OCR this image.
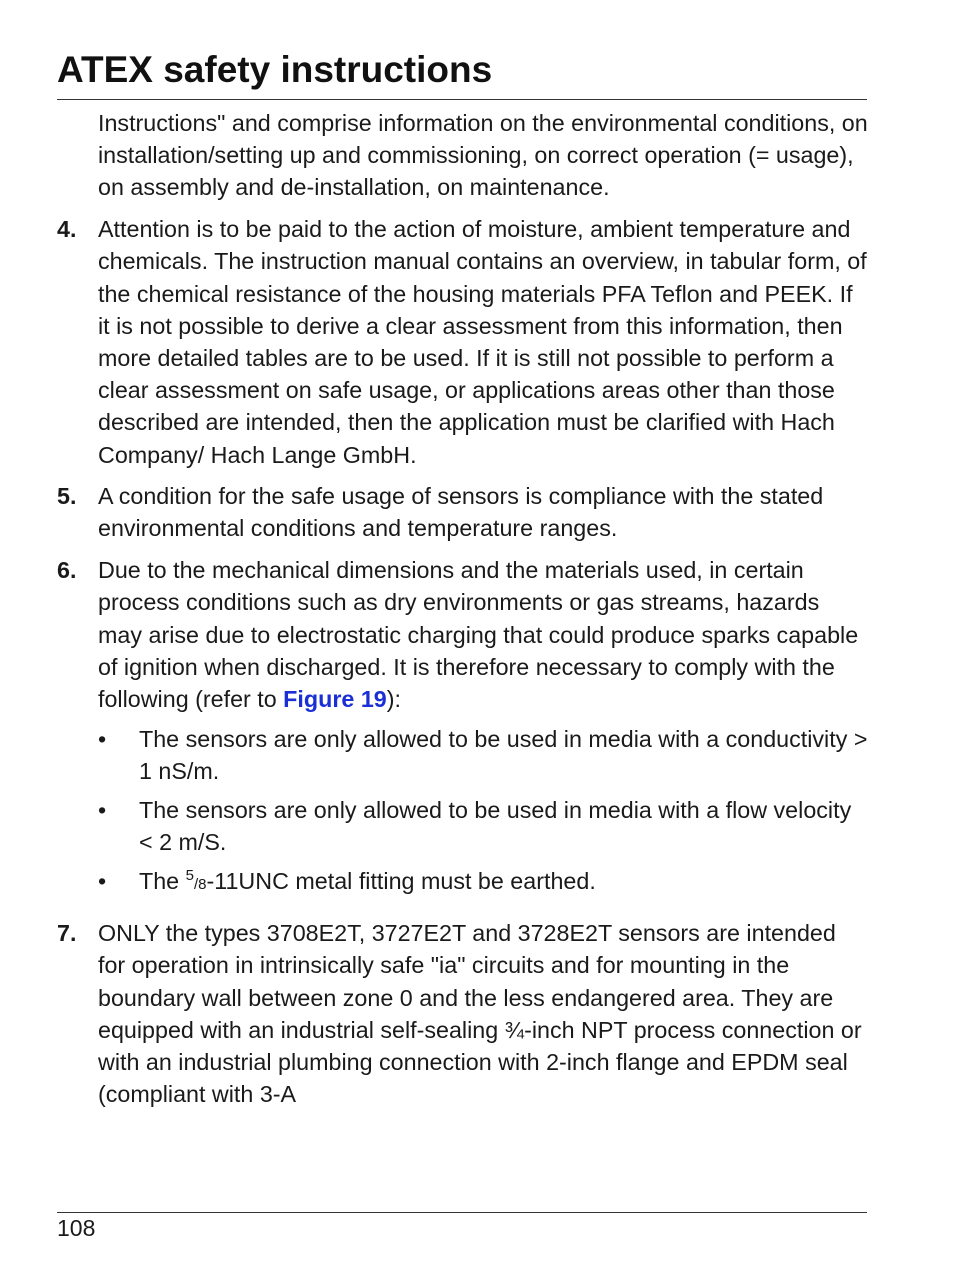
ATEX safety instructions

Instructions" and comprise information on the environmental conditions, on installation/setting up and commissioning, on correct operation (= usage), on assembly and de-installation, on maintenance.

4. Attention is to be paid to the action of moisture, ambient temperature and chemicals. The instruction manual contains an overview, in tabular form, of the chemical resistance of the housing materials PFA Teflon and PEEK. If it is not possible to derive a clear assessment from this information, then more detailed tables are to be used. If it is still not possible to perform a clear assessment on safe usage, or applications areas other than those described are intended, then the application must be clarified with Hach Company/ Hach Lange GmbH.
5. A condition for the safe usage of sensors is compliance with the stated environmental conditions and temperature ranges.
6. Due to the mechanical dimensions and the materials used, in certain process conditions such as dry environments or gas streams, hazards may arise due to electrostatic charging that could produce sparks capable of ignition when discharged. It is therefore necessary to comply with the following (refer to Figure 19):
•	The sensors are only allowed to be used in media with a conductivity > 1 nS/m.
•	The sensors are only allowed to be used in media with a flow velocity < 2 m/S.
•	The $^5$/8-11UNC metal fitting must be earthed.
7. ONLY the types 3708E2T, 3727E2T and 3728E2T sensors are intended for operation in intrinsically safe "ia" circuits and for mounting in the boundary wall between zone 0 and the less endangered area. They are equipped with an industrial self-sealing ¾-inch NPT process connection or with an industrial plumbing connection with 2-inch flange and EPDM seal (compliant with 3-A
108
